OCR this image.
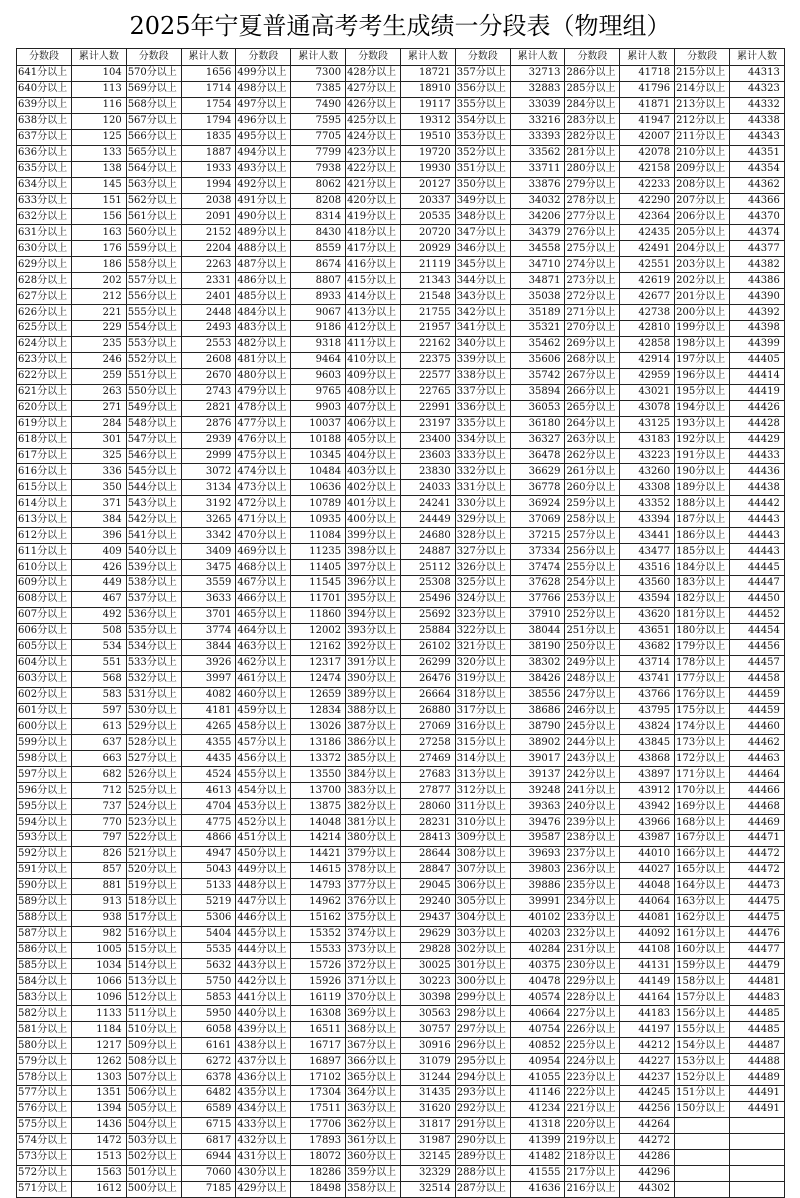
2025年宁夏普通高考考生成绩一分段表（物理组）
分数段	累计人数	分数段	累计人数	分数段	累计人数	分数段	累计人数	分数段	累计人数	分数段	累计人数	分数段	累计人数
641分以上	104	570分以上	1656	499分以上	7300	428分以上	18721	357分以上	32713	286分以上	41718	215分以上	44313
640分以上	113	569分以上	1714	498分以上	7385	427分以上	18910	356分以上	32883	285分以上	41796	214分以上	44323
639分以上	116	568分以上	1754	497分以上	7490	426分以上	19117	355分以上	33039	284分以上	41871	213分以上	44332
638分以上	120	567分以上	1794	496分以上	7595	425分以上	19312	354分以上	33216	283分以上	41947	212分以上	44338
637分以上	125	566分以上	1835	495分以上	7705	424分以上	19510	353分以上	33393	282分以上	42007	211分以上	44343
636分以上	133	565分以上	1887	494分以上	7799	423分以上	19720	352分以上	33562	281分以上	42078	210分以上	44351
635分以上	138	564分以上	1933	493分以上	7938	422分以上	19930	351分以上	33711	280分以上	42158	209分以上	44354
634分以上	145	563分以上	1994	492分以上	8062	421分以上	20127	350分以上	33876	279分以上	42233	208分以上	44362
633分以上	151	562分以上	2038	491分以上	8208	420分以上	20337	349分以上	34032	278分以上	42290	207分以上	44366
632分以上	156	561分以上	2091	490分以上	8314	419分以上	20535	348分以上	34206	277分以上	42364	206分以上	44370
631分以上	163	560分以上	2152	489分以上	8430	418分以上	20720	347分以上	34379	276分以上	42435	205分以上	44374
630分以上	176	559分以上	2204	488分以上	8559	417分以上	20929	346分以上	34558	275分以上	42491	204分以上	44377
629分以上	186	558分以上	2263	487分以上	8674	416分以上	21119	345分以上	34710	274分以上	42551	203分以上	44382
628分以上	202	557分以上	2331	486分以上	8807	415分以上	21343	344分以上	34871	273分以上	42619	202分以上	44386
627分以上	212	556分以上	2401	485分以上	8933	414分以上	21548	343分以上	35038	272分以上	42677	201分以上	44390
626分以上	221	555分以上	2448	484分以上	9067	413分以上	21755	342分以上	35189	271分以上	42738	200分以上	44392
625分以上	229	554分以上	2493	483分以上	9186	412分以上	21957	341分以上	35321	270分以上	42810	199分以上	44398
624分以上	235	553分以上	2553	482分以上	9318	411分以上	22162	340分以上	35462	269分以上	42858	198分以上	44399
623分以上	246	552分以上	2608	481分以上	9464	410分以上	22375	339分以上	35606	268分以上	42914	197分以上	44405
622分以上	259	551分以上	2670	480分以上	9603	409分以上	22577	338分以上	35742	267分以上	42959	196分以上	44414
621分以上	263	550分以上	2743	479分以上	9765	408分以上	22765	337分以上	35894	266分以上	43021	195分以上	44419
620分以上	271	549分以上	2821	478分以上	9903	407分以上	22991	336分以上	36053	265分以上	43078	194分以上	44426
619分以上	284	548分以上	2876	477分以上	10037	406分以上	23197	335分以上	36180	264分以上	43125	193分以上	44428
618分以上	301	547分以上	2939	476分以上	10188	405分以上	23400	334分以上	36327	263分以上	43183	192分以上	44429
617分以上	325	546分以上	2999	475分以上	10345	404分以上	23603	333分以上	36478	262分以上	43223	191分以上	44433
616分以上	336	545分以上	3072	474分以上	10484	403分以上	23830	332分以上	36629	261分以上	43260	190分以上	44436
615分以上	350	544分以上	3134	473分以上	10636	402分以上	24033	331分以上	36778	260分以上	43308	189分以上	44438
614分以上	371	543分以上	3192	472分以上	10789	401分以上	24241	330分以上	36924	259分以上	43352	188分以上	44442
613分以上	384	542分以上	3265	471分以上	10935	400分以上	24449	329分以上	37069	258分以上	43394	187分以上	44443
612分以上	396	541分以上	3342	470分以上	11084	399分以上	24680	328分以上	37215	257分以上	43441	186分以上	44443
611分以上	409	540分以上	3409	469分以上	11235	398分以上	24887	327分以上	37334	256分以上	43477	185分以上	44443
610分以上	426	539分以上	3475	468分以上	11405	397分以上	25112	326分以上	37474	255分以上	43516	184分以上	44445
609分以上	449	538分以上	3559	467分以上	11545	396分以上	25308	325分以上	37628	254分以上	43560	183分以上	44447
608分以上	467	537分以上	3633	466分以上	11701	395分以上	25496	324分以上	37766	253分以上	43594	182分以上	44450
607分以上	492	536分以上	3701	465分以上	11860	394分以上	25692	323分以上	37910	252分以上	43620	181分以上	44452
606分以上	508	535分以上	3774	464分以上	12002	393分以上	25884	322分以上	38044	251分以上	43651	180分以上	44454
605分以上	534	534分以上	3844	463分以上	12162	392分以上	26102	321分以上	38190	250分以上	43682	179分以上	44456
604分以上	551	533分以上	3926	462分以上	12317	391分以上	26299	320分以上	38302	249分以上	43714	178分以上	44457
603分以上	568	532分以上	3997	461分以上	12474	390分以上	26476	319分以上	38426	248分以上	43741	177分以上	44458
602分以上	583	531分以上	4082	460分以上	12659	389分以上	26664	318分以上	38556	247分以上	43766	176分以上	44459
601分以上	597	530分以上	4181	459分以上	12834	388分以上	26880	317分以上	38686	246分以上	43795	175分以上	44459
600分以上	613	529分以上	4265	458分以上	13026	387分以上	27069	316分以上	38790	245分以上	43824	174分以上	44460
599分以上	637	528分以上	4355	457分以上	13186	386分以上	27258	315分以上	38902	244分以上	43845	173分以上	44462
598分以上	663	527分以上	4435	456分以上	13372	385分以上	27469	314分以上	39017	243分以上	43868	172分以上	44463
597分以上	682	526分以上	4524	455分以上	13550	384分以上	27683	313分以上	39137	242分以上	43897	171分以上	44464
596分以上	712	525分以上	4613	454分以上	13700	383分以上	27877	312分以上	39248	241分以上	43912	170分以上	44466
595分以上	737	524分以上	4704	453分以上	13875	382分以上	28060	311分以上	39363	240分以上	43942	169分以上	44468
594分以上	770	523分以上	4775	452分以上	14048	381分以上	28231	310分以上	39476	239分以上	43966	168分以上	44469
593分以上	797	522分以上	4866	451分以上	14214	380分以上	28413	309分以上	39587	238分以上	43987	167分以上	44471
592分以上	826	521分以上	4947	450分以上	14421	379分以上	28644	308分以上	39693	237分以上	44010	166分以上	44472
591分以上	857	520分以上	5043	449分以上	14615	378分以上	28847	307分以上	39803	236分以上	44027	165分以上	44472
590分以上	881	519分以上	5133	448分以上	14793	377分以上	29045	306分以上	39886	235分以上	44048	164分以上	44473
589分以上	913	518分以上	5219	447分以上	14962	376分以上	29240	305分以上	39991	234分以上	44064	163分以上	44475
588分以上	938	517分以上	5306	446分以上	15162	375分以上	29437	304分以上	40102	233分以上	44081	162分以上	44475
587分以上	982	516分以上	5404	445分以上	15352	374分以上	29629	303分以上	40203	232分以上	44092	161分以上	44476
586分以上	1005	515分以上	5535	444分以上	15533	373分以上	29828	302分以上	40284	231分以上	44108	160分以上	44477
585分以上	1034	514分以上	5632	443分以上	15726	372分以上	30025	301分以上	40375	230分以上	44131	159分以上	44479
584分以上	1066	513分以上	5750	442分以上	15926	371分以上	30223	300分以上	40478	229分以上	44149	158分以上	44481
583分以上	1096	512分以上	5853	441分以上	16119	370分以上	30398	299分以上	40574	228分以上	44164	157分以上	44483
582分以上	1133	511分以上	5950	440分以上	16308	369分以上	30563	298分以上	40664	227分以上	44183	156分以上	44485
581分以上	1184	510分以上	6058	439分以上	16511	368分以上	30757	297分以上	40754	226分以上	44197	155分以上	44485
580分以上	1217	509分以上	6161	438分以上	16717	367分以上	30916	296分以上	40852	225分以上	44212	154分以上	44487
579分以上	1262	508分以上	6272	437分以上	16897	366分以上	31079	295分以上	40954	224分以上	44227	153分以上	44488
578分以上	1303	507分以上	6378	436分以上	17102	365分以上	31244	294分以上	41055	223分以上	44237	152分以上	44489
577分以上	1351	506分以上	6482	435分以上	17304	364分以上	31435	293分以上	41146	222分以上	44245	151分以上	44491
576分以上	1394	505分以上	6589	434分以上	17511	363分以上	31620	292分以上	41234	221分以上	44256	150分以上	44491
575分以上	1436	504分以上	6715	433分以上	17706	362分以上	31817	291分以上	41318	220分以上	44264		
574分以上	1472	503分以上	6817	432分以上	17893	361分以上	31987	290分以上	41399	219分以上	44272		
573分以上	1513	502分以上	6944	431分以上	18072	360分以上	32145	289分以上	41482	218分以上	44286		
572分以上	1563	501分以上	7060	430分以上	18286	359分以上	32329	288分以上	41555	217分以上	44296		
571分以上	1612	500分以上	7185	429分以上	18498	358分以上	32514	287分以上	41636	216分以上	44302		
